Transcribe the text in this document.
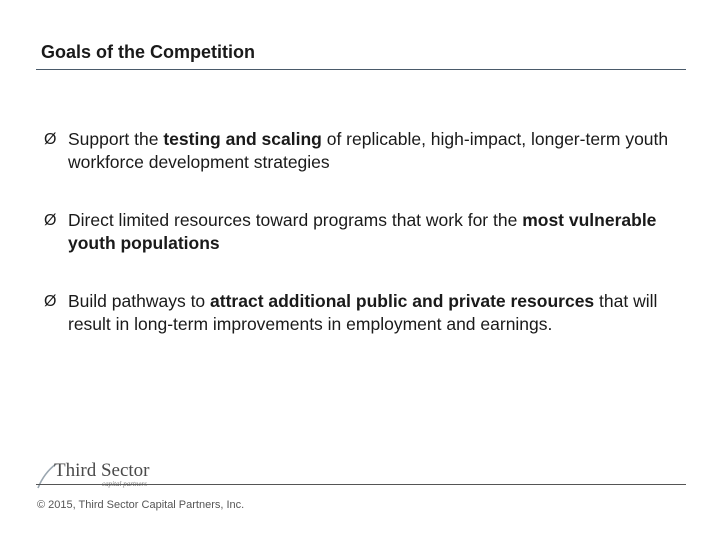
Goals of the Competition
Ø Support the testing and scaling of replicable, high-impact, longer-term youth workforce development strategies
Ø Direct limited resources toward programs that work for the most vulnerable youth populations
Ø Build pathways to attract additional public and private resources that will result in long-term improvements in employment and earnings.
Third Sector
capital partners
© 2015, Third Sector Capital Partners, Inc.
